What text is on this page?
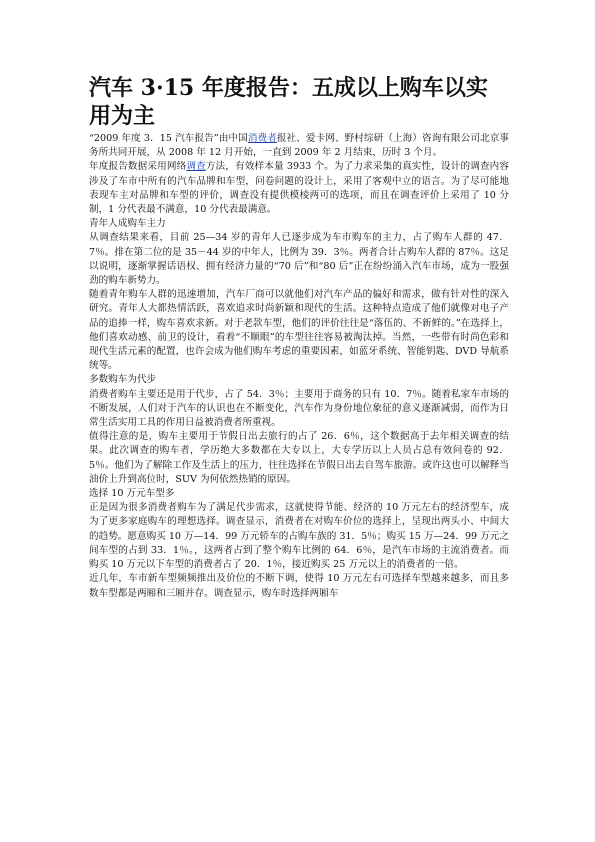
汽车 3·15 年度报告：五成以上购车以实用为主

“2009 年度 3．15 汽车报告”由中国消费者报社、爱卡网、野村综研（上海）咨询有限公司北京事务所共同开展，从 2008 年 12 月开始，一直到 2009 年 2 月结束，历时 3 个月。

年度报告数据采用网络调查方法，有效样本量 3933 个。为了力求采集的真实性，设计的调查内容涉及了车市中所有的汽车品牌和车型，问卷问题的设计上，采用了客观中立的语言。为了尽可能地表现车主对品牌和车型的评价，调查没有提供模棱两可的选项，而且在调查评价上采用了 10 分制，1 分代表最不满意，10 分代表最满意。

青年人成购车主力

从调查结果来看，目前 25—34 岁的青年人已逐步成为车市购车的主力，占了购车人群的 47．7％。排在第二位的是 35－44 岁的中年人，比例为 39．3％。两者合计占购车人群的 87％。这足以说明，逐渐掌握话语权、拥有经济力量的“70 后”和“80 后”正在纷纷涌入汽车市场，成为一股强劲的购车新势力。

随着青年购车人群的迅速增加，汽车厂商可以就他们对汽车产品的偏好和需求，做有针对性的深入研究。青年人大都热情活跃，喜欢追求时尚新颖和现代的生活。这种特点造成了他们就像对电子产品的追捧一样，购车喜欢求新。对于老款车型，他们的评价往往是“落伍的、不新鲜的。”在选择上，他们喜欢动感、前卫的设计，看着“不顺眼”的车型往往容易被淘汰掉。当然，一些带有时尚色彩和现代生活元素的配置，也许会成为他们购车考虑的重要因素，如蓝牙系统、智能钥匙、DVD 导航系统等。

多数购车为代步

消费者购车主要还是用于代步，占了 54．3％；主要用于商务的只有 10．7％。随着私家车市场的不断发展，人们对于汽车的认识也在不断变化，汽车作为身份地位象征的意义逐渐减弱，而作为日常生活实用工具的作用日益被消费者所重视。

值得注意的是，购车主要用于节假日出去旅行的占了 26．6％，这个数据高于去年相关调查的结果。此次调查的购车者，学历绝大多数都在大专以上，大专学历以上人员占总有效问卷的 92．5％。他们为了解除工作及生活上的压力，往往选择在节假日出去自驾车旅游。或许这也可以解释当油价上升到高位时，SUV 为何依然热销的原因。

选择 10 万元车型多

正是因为很多消费者购车为了满足代步需求，这就使得节能、经济的 10 万元左右的经济型车，成为了更多家庭购车的理想选择。调查显示，消费者在对购车价位的选择上，呈现出两头小、中间大的趋势。愿意购买 10 万—14．99 万元轿车的占购车族的 31．5％；购买 15 万—24．99 万元之间车型的占到 33．1％。，这两者占到了整个购车比例的 64．6％，是汽车市场的主流消费者。而购买 10 万元以下车型的消费者占了 20．1％，接近购买 25 万元以上的消费者的一倍。

近几年，车市新车型频频推出及价位的不断下调，使得 10 万元左右可选择车型越来越多，而且多数车型都是两厢和三厢并存。调查显示，购车时选择两厢车
